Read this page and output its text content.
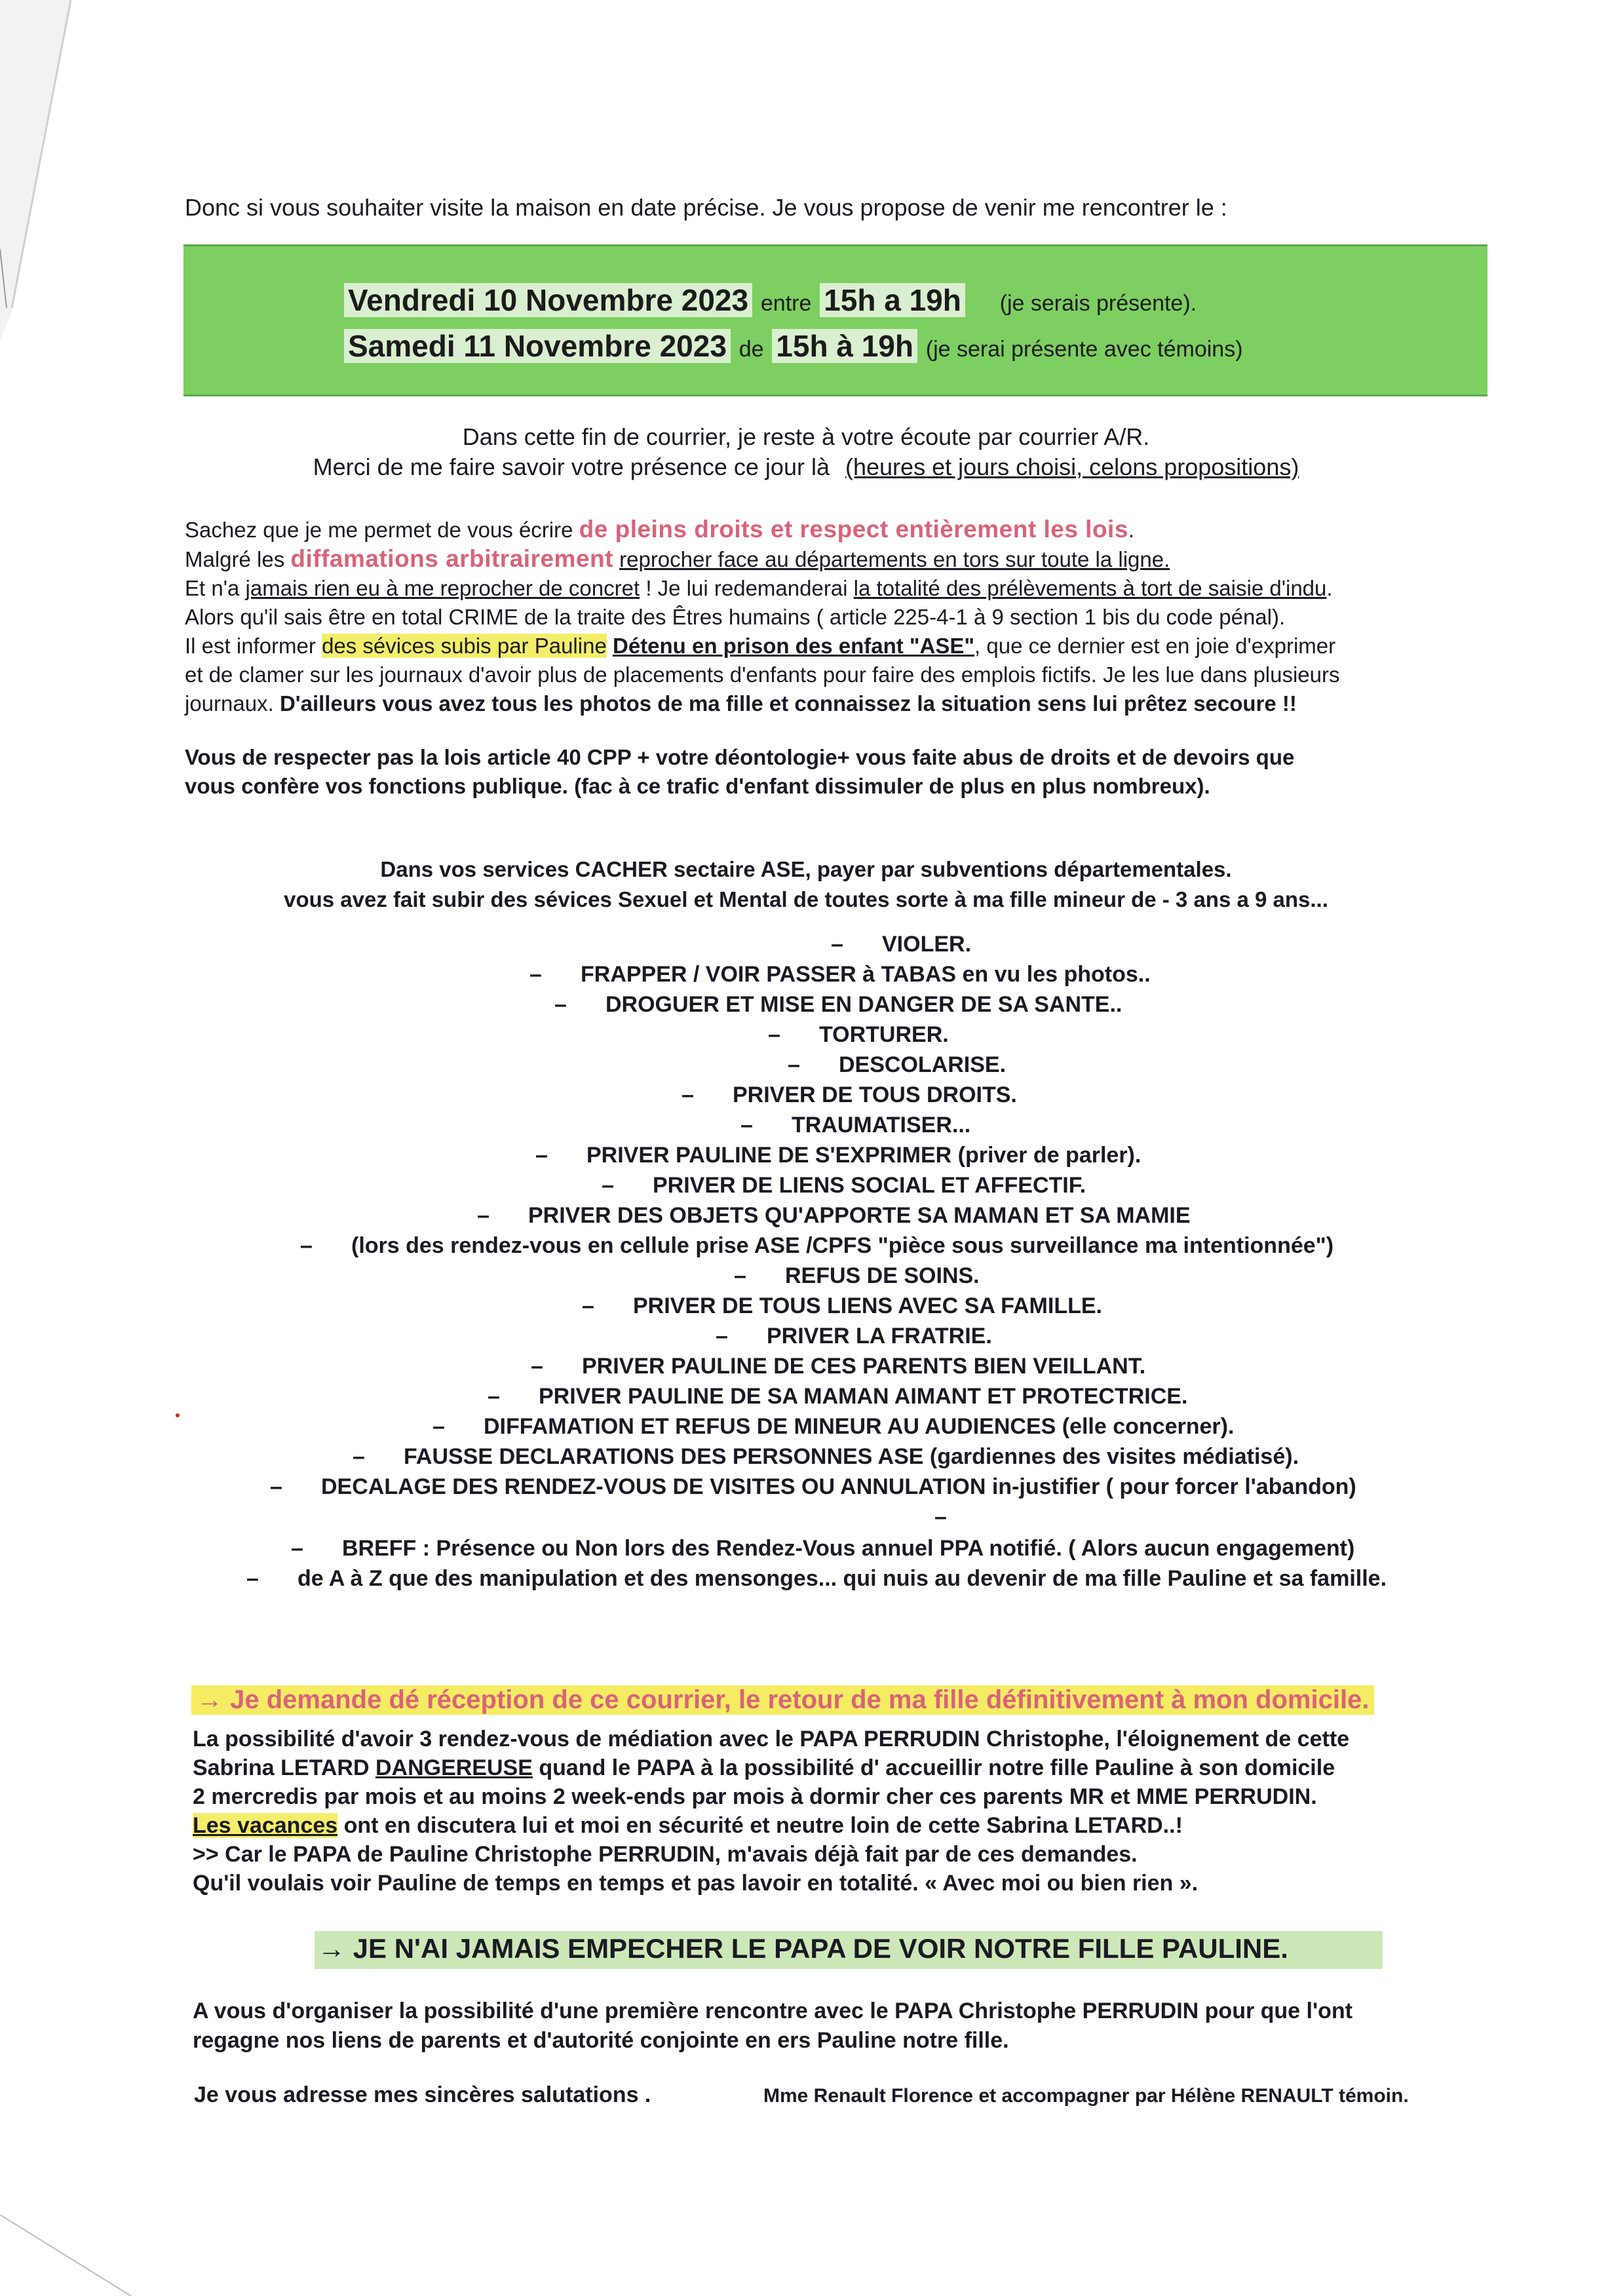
Donc si vous souhaiter visite la maison en date précise. Je vous propose de venir me rencontrer le :
Vendredi 10 Novembre 2023 entre 15h a 19h (je serais présente).
Samedi 11 Novembre 2023 de 15h à 19h (je serai présente avec témoins)
Dans cette fin de courrier, je reste à votre écoute par courrier A/R.
Merci de me faire savoir votre présence ce jour là (heures et jours choisi, celons propositions)
Sachez que je me permet de vous écrire de pleins droits et respect entièrement les lois.
Malgré les diffamations arbitrairement reprocher face au départements en tors sur toute la ligne.
Et n'a jamais rien eu à me reprocher de concret ! Je lui redemanderai la totalité des prélèvements à tort de saisie d'indu.
Alors qu'il sais être en total CRIME de la traite des Êtres humains ( article 225-4-1 à 9 section 1 bis du code pénal).
Il est informer des sévices subis par Pauline Détenu en prison des enfant "ASE", que ce dernier est en joie d'exprimer
et de clamer sur les journaux d'avoir plus de placements d'enfants pour faire des emplois fictifs. Je les lue dans plusieurs
journaux. D'ailleurs vous avez tous les photos de ma fille et connaissez la situation sens lui prêtez secoure !!
Vous de respecter pas la lois article 40 CPP + votre déontologie+ vous faite abus de droits et de devoirs que
vous confère vos fonctions publique. (fac à ce trafic d'enfant dissimuler de plus en plus nombreux).
Dans vos services CACHER sectaire ASE, payer par subventions départementales.
vous avez fait subir des sévices Sexuel et Mental de toutes sorte à ma fille mineur de - 3 ans a 9 ans...
– VIOLER.
– FRAPPER / VOIR PASSER à TABAS en vu les photos..
– DROGUER ET MISE EN DANGER DE SA SANTE..
– TORTURER.
– DESCOLARISE.
– PRIVER DE TOUS DROITS.
– TRAUMATISER...
– PRIVER PAULINE DE S'EXPRIMER (priver de parler).
– PRIVER DE LIENS SOCIAL ET AFFECTIF.
– PRIVER DES OBJETS QU'APPORTE SA MAMAN ET SA MAMIE
– (lors des rendez-vous en cellule prise ASE /CPFS "pièce sous surveillance ma intentionnée")
– REFUS DE SOINS.
– PRIVER DE TOUS LIENS AVEC SA FAMILLE.
– PRIVER LA FRATRIE.
– PRIVER PAULINE DE CES PARENTS BIEN VEILLANT.
– PRIVER PAULINE DE SA MAMAN AIMANT ET PROTECTRICE.
– DIFFAMATION ET REFUS DE MINEUR AU AUDIENCES (elle concerner).
– FAUSSE DECLARATIONS DES PERSONNES ASE (gardiennes des visites médiatisé).
– DECALAGE DES RENDEZ-VOUS DE VISITES OU ANNULATION in-justifier ( pour forcer l'abandon)
–
– BREFF : Présence ou Non lors des Rendez-Vous annuel PPA notifié. ( Alors aucun engagement)
– de A à Z que des manipulation et des mensonges... qui nuis au devenir de ma fille Pauline et sa famille.
→ Je demande dé réception de ce courrier, le retour de ma fille définitivement à mon domicile.
La possibilité d'avoir 3 rendez-vous de médiation avec le PAPA PERRUDIN Christophe, l'éloignement de cette
Sabrina LETARD DANGEREUSE quand le PAPA à la possibilité d' accueillir notre fille Pauline à son domicile
2 mercredis par mois et au moins 2 week-ends par mois à dormir cher ces parents MR et MME PERRUDIN.
Les vacances ont en discutera lui et moi en sécurité et neutre loin de cette Sabrina LETARD..!
>> Car le PAPA de Pauline Christophe PERRUDIN, m'avais déjà fait par de ces demandes.
Qu'il voulais voir Pauline de temps en temps et pas lavoir en totalité. « Avec moi ou bien rien ».
→ JE N'AI JAMAIS EMPECHER LE PAPA DE VOIR NOTRE FILLE PAULINE.
A vous d'organiser la possibilité d'une première rencontre avec le PAPA Christophe PERRUDIN pour que l'ont
regagne nos liens de parents et d'autorité conjointe en ers Pauline notre fille.
Je vous adresse mes sincères salutations .	Mme Renault Florence et accompagner par Hélène RENAULT témoin.
